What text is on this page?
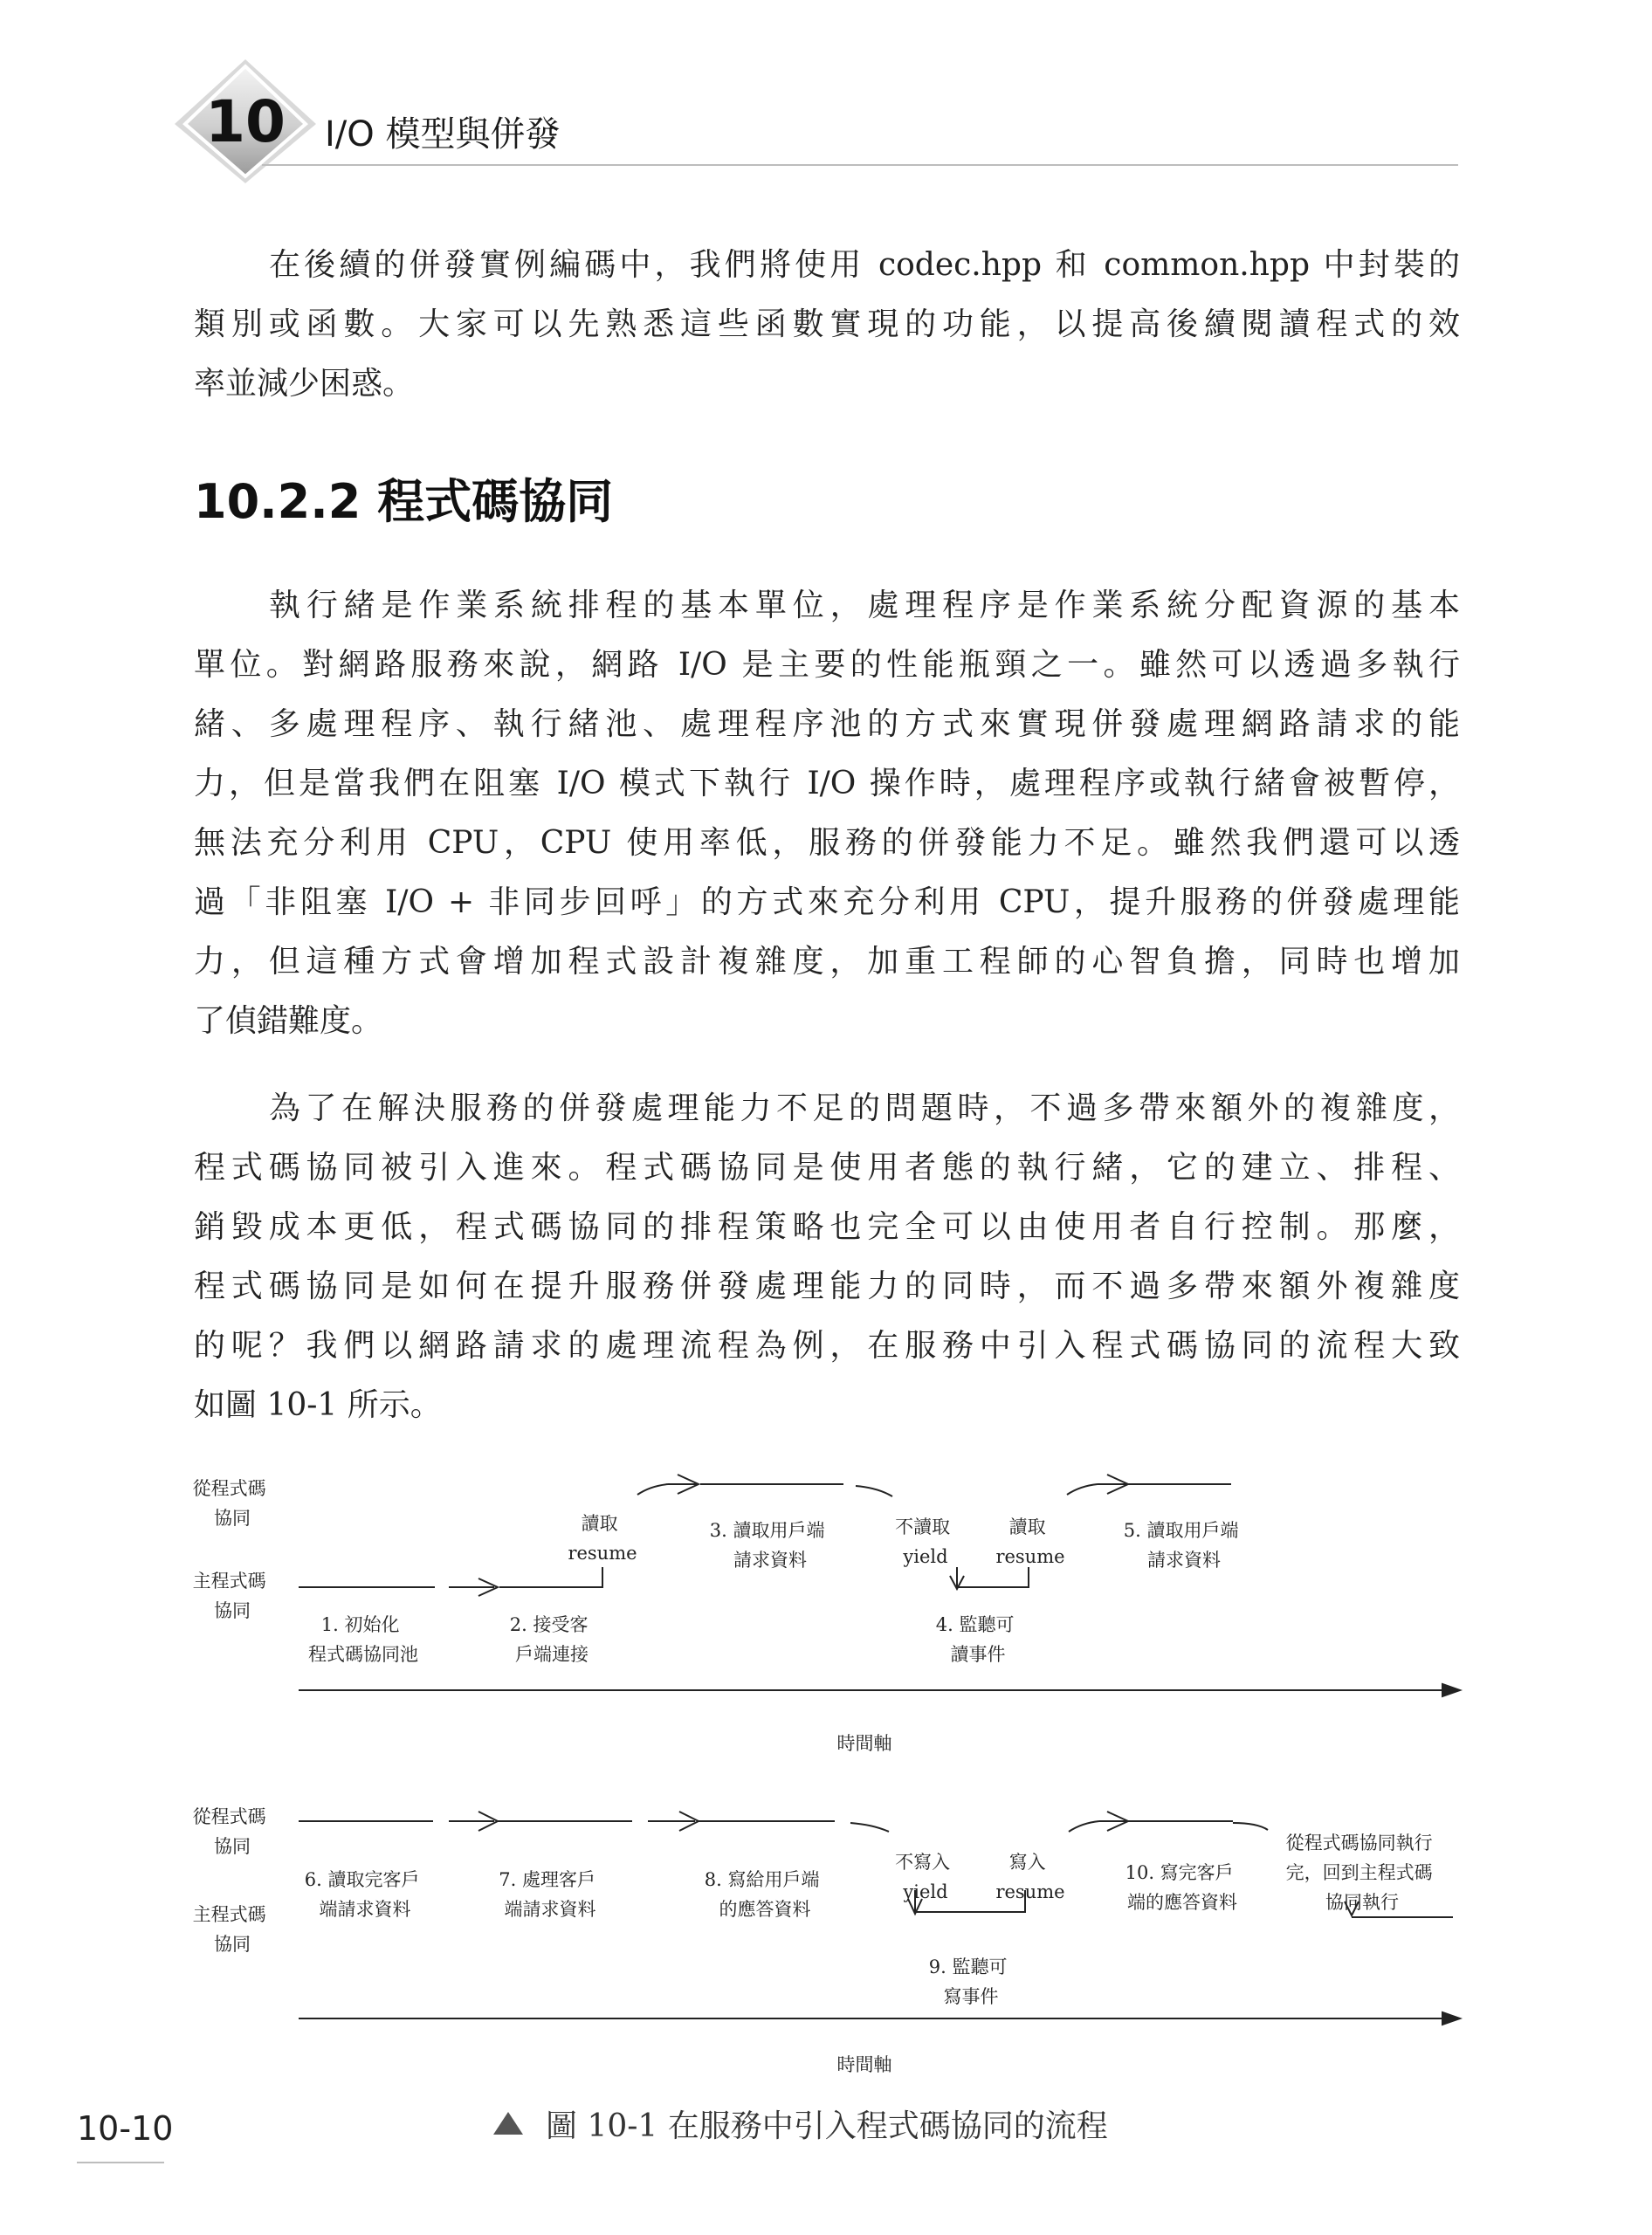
10 I/O 模型與併發

在後續的併發實例編碼中，我們將使用 codec.hpp 和 common.hpp 中封裝的
類別或函數。大家可以先熟悉這些函數實現的功能，以提高後續閱讀程式的效
率並減少困惑。

10.2.2 程式碼協同

執行緒是作業系統排程的基本單位，處理程序是作業系統分配資源的基本
單位。對網路服務來說，網路 I/O 是主要的性能瓶頸之一。雖然可以透過多執行
緒、多處理程序、執行緒池、處理程序池的方式來實現併發處理網路請求的能
力，但是當我們在阻塞 I/O 模式下執行 I/O 操作時，處理程序或執行緒會被暫停，
無法充分利用 CPU，CPU 使用率低，服務的併發能力不足。雖然我們還可以透
過「非阻塞 I/O + 非同步回呼」的方式來充分利用 CPU，提升服務的併發處理能
力，但這種方式會增加程式設計複雜度，加重工程師的心智負擔，同時也增加
了偵錯難度。

為了在解決服務的併發處理能力不足的問題時，不過多帶來額外的複雜度，
程式碼協同被引入進來。程式碼協同是使用者態的執行緒，它的建立、排程、
銷毀成本更低，程式碼協同的排程策略也完全可以由使用者自行控制。那麼，
程式碼協同是如何在提升服務併發處理能力的同時，而不過多帶來額外複雜度
的呢？我們以網路請求的處理流程為例，在服務中引入程式碼協同的流程大致
如圖 10-1 所示。

從程式碼 協同
主程式碼 協同
1. 初始化 程式碼協同池
2. 接受客 戶端連接
讀取 resume
3. 讀取用戶端 請求資料
不讀取 yield
讀取 resume
4. 監聽可 讀事件
5. 讀取用戶端 請求資料
時間軸
從程式碼 協同
主程式碼 協同
6. 讀取完客戶 端請求資料
7. 處理客戶 端請求資料
8. 寫給用戶端 的應答資料
不寫入 yield
寫入 resume
9. 監聽可 寫事件
10. 寫完客戶 端的應答資料
從程式碼協同執行 完，回到主程式碼 協同執行
時間軸
圖 10-1 在服務中引入程式碼協同的流程
10-10
